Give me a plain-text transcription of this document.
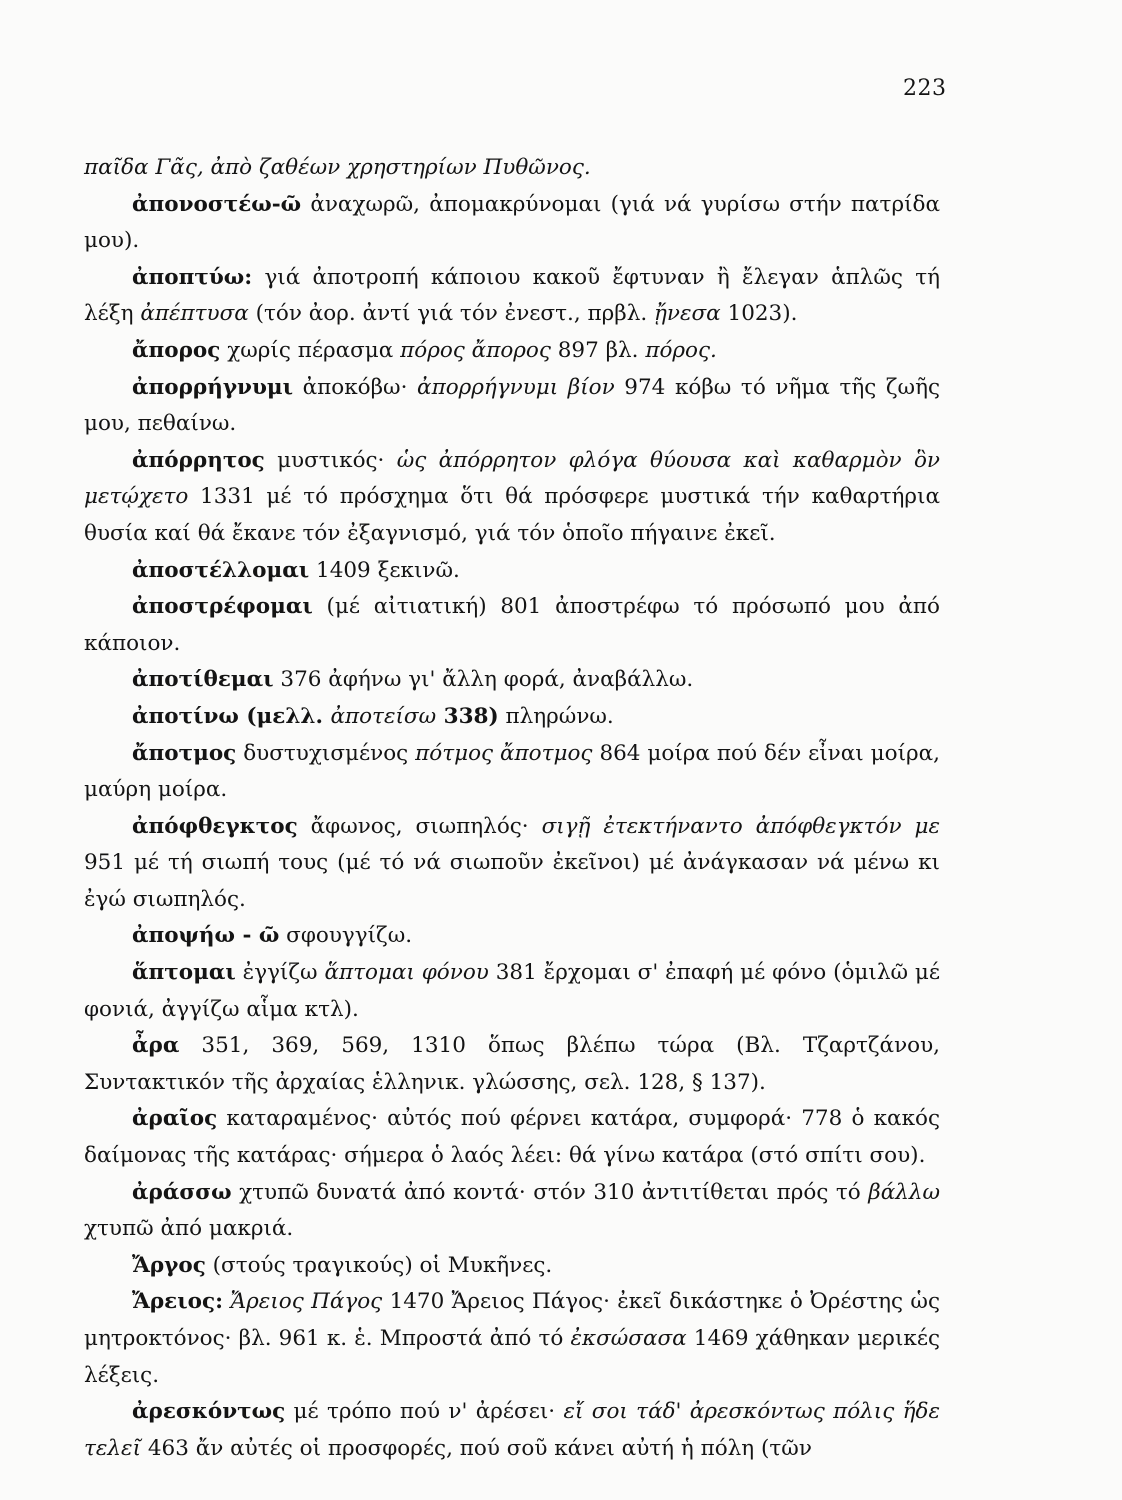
223

παῖδα Γᾶς, ἀπὸ ζαθέων χρηστηρίων Πυθῶνος.

ἀπονοστέω-ῶ ἀναχωρῶ, ἀπομακρύνομαι (γιά νά γυρίσω στήν πατρίδα μου).

ἀποπτύω: γιά ἀποτροπή κάποιου κακοῦ ἔφτυναν ἢ ἔλεγαν ἁπλῶς τή λέξη ἀπέπτυσα (τόν ἀορ. ἀντί γιά τόν ἐνεστ., πρβλ. ᾔνεσα 1023).

ἄπορος χωρίς πέρασμα πόρος ἄπορος 897 βλ. πόρος.

ἀπορρήγνυμι ἀποκόβω· ἀπορρήγνυμι βίον 974 κόβω τό νῆμα τῆς ζωῆς μου, πεθαίνω.

ἀπόρρητος μυστικός· ὡς ἀπόρρητον φλόγα θύουσα καὶ καθαρμὸν ὃν μετῴχετο 1331 μέ τό πρόσχημα ὅτι θά πρόσφερε μυστικά τήν καθαρτήρια θυσία καί θά ἔκανε τόν ἐξαγνισμό, γιά τόν ὁποῖο πήγαινε ἐκεῖ.

ἀποστέλλομαι 1409 ξεκινῶ.

ἀποστρέφομαι (μέ αἰτιατική) 801 ἀποστρέφω τό πρόσωπό μου ἀπό κάποιον.

ἀποτίθεμαι 376 ἀφήνω γι' ἄλλη φορά, ἀναβάλλω.

ἀποτίνω (μελλ. ἀποτείσω 338) πληρώνω.

ἄποτμος δυστυχισμένος πότμος ἄποτμος 864 μοίρα πού δέν εἶναι μοίρα, μαύρη μοίρα.

ἀπόφθεγκτος ἄφωνος, σιωπηλός· σιγῇ ἐτεκτήναντο ἀπόφθεγκτόν με 951 μέ τή σιωπή τους (μέ τό νά σιωποῦν ἐκεῖνοι) μέ ἀνάγκασαν νά μένω κι ἐγώ σιωπηλός.

ἀποψήω - ῶ σφουγγίζω.

ἅπτομαι ἐγγίζω ἅπτομαι φόνου 381 ἔρχομαι σ' ἐπαφή μέ φόνο (ὁμιλῶ μέ φονιά, ἀγγίζω αἷμα κτλ).

ἆρα 351, 369, 569, 1310 ὅπως βλέπω τώρα (Βλ. Τζαρτζάνου, Συντακτικόν τῆς ἀρχαίας ἑλληνικ. γλώσσης, σελ. 128, § 137).

ἀραῖος καταραμένος· αὐτός πού φέρνει κατάρα, συμφορά· 778 ὁ κακός δαίμονας τῆς κατάρας· σήμερα ὁ λαός λέει: θά γίνω κατάρα (στό σπίτι σου).

ἀράσσω χτυπῶ δυνατά ἀπό κοντά· στόν 310 ἀντιτίθεται πρός τό βάλλω χτυπῶ ἀπό μακριά.

Ἄργος (στούς τραγικούς) οἱ Μυκῆνες.

Ἄρειος: Ἄρειος Πάγος 1470 Ἄρειος Πάγος· ἐκεῖ δικάστηκε ὁ Ὀρέστης ὡς μητροκτόνος· βλ. 961 κ. ἑ. Μπροστά ἀπό τό ἐκσώσασα 1469 χάθηκαν μερικές λέξεις.

ἀρεσκόντως μέ τρόπο πού ν' ἀρέσει· εἴ σοι τάδ' ἀρεσκόντως πόλις ἥδε τελεῖ 463 ἄν αὐτές οἱ προσφορές, πού σοῦ κάνει αὐτή ἡ πόλη (τῶν
